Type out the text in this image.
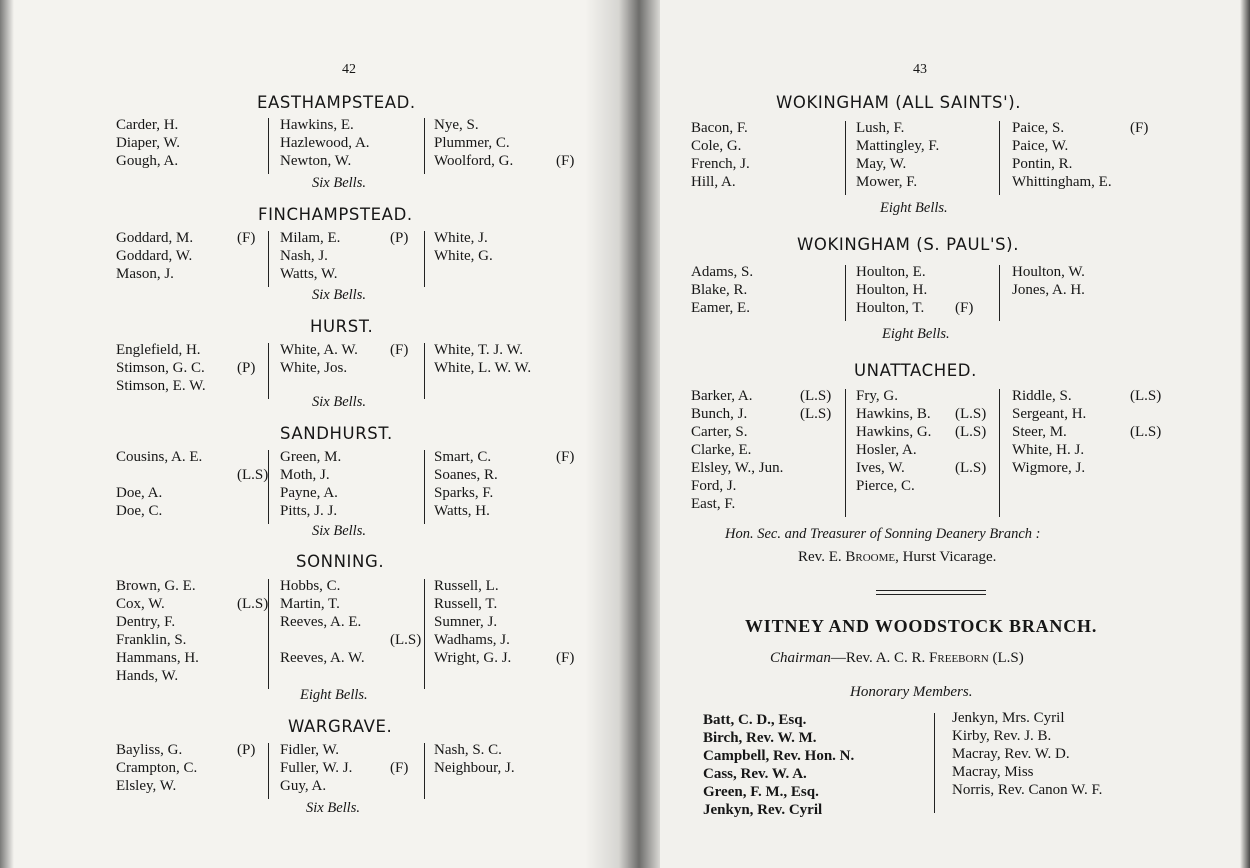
Hon. Sec. and Treasurer of Sonning Deanery Branch :
Rev. E. Broome, Hurst Vicarage.
WITNEY AND WOODSTOCK BRANCH.
Chairman—Rev. A. C. R. Freeborn (L.S)
Honorary Members.
Batt, C. D., Esq.
Birch, Rev. W. M.
Campbell, Rev. Hon. N.
Cass, Rev. W. A.
Green, F. M., Esq.
Jenkyn, Rev. Cyril
Jenkyn, Mrs. Cyril
Kirby, Rev. J. B.
Macray, Rev. W. D.
Macray, Miss
Norris, Rev. Canon W. F.
42
EASTHAMPSTEAD.
Carder, H.
Diaper, W.
Gough, A.
Hawkins, E.
Hazlewood, A.
Newton, W.
Nye, S.
Plummer, C.
Woolford, G.	(F)
Six Bells.
FINCHAMPSTEAD.
Goddard, M.
Goddard, W.
Mason, J.
(F) Milam, E.
Nash, J.
Watts, W.
(P) White, J.
White, G.
Six Bells.
HURST.
Englefield, H.
Stimson, G. C.
Stimson, E. W.
(P)
White, A. W.
White, Jos.
(F) White, T. J. W.
White, L. W. W.
Six Bells.
SANDHURST.
Cousins, A. E.
Doe, A.
Doe, C.
(L.S)
Green, M.
Moth, J.
Payne, A.
Pitts, J. J.
Smart, C.
Soanes, R.
Sparks, F.
Watts, H.
(F)
Six Bells.
SONNING.
Brown, G. E.
Cox, W.
Dentry, F.
Franklin, S.
Hammans, H.
Hands, W.
(L.S)
Hobbs, C.
Martin, T.
Reeves, A. E.
Reeves, A. W.
(L.S)
Russell, L.
Russell, T.
Sumner, J.
Wadhams, J.
Wright, G. J.	(F)
Eight Bells.
WARGRAVE.
Bayliss, G.
Crampton, C.
Elsley, W.
(P) Fidler, W.
Fuller, W. J.
Guy, A.
(F)
Nash, S. C.
Neighbour, J.
Six Bells.
43
WOKINGHAM (ALL SAINTS').
Bacon, F.
Cole, G.
French, J.
Hill, A.
Lush, F.
Mattingley, F.
May, W.
Mower, F.
Paice, S.
Paice, W.
Pontin, R.
Whittingham, E.
(F)
Eight Bells.
WOKINGHAM (S. PAUL'S).
Adams, S.
Blake, R.
Eamer, E.
Houlton, E.
Houlton, H.
Houlton, T. (F)
Houlton, W.
Jones, A. H.
Eight Bells.
UNATTACHED.
Barker, A.
Bunch, J.
Carter, S.
Clarke, E.
Elsley, W., Jun.
Ford, J.
East, F.
(L.S)
(L.S)
Fry, G.
Hawkins, B.
Hawkins, G.
Hosler, A.
Ives, W.
Pierce, C.
(L.S)
(L.S)
(L.S)
Riddle, S.
Sergeant, H.
Steer, M.
White, H. J.
Wigmore, J.
(L.S)
(L.S)
